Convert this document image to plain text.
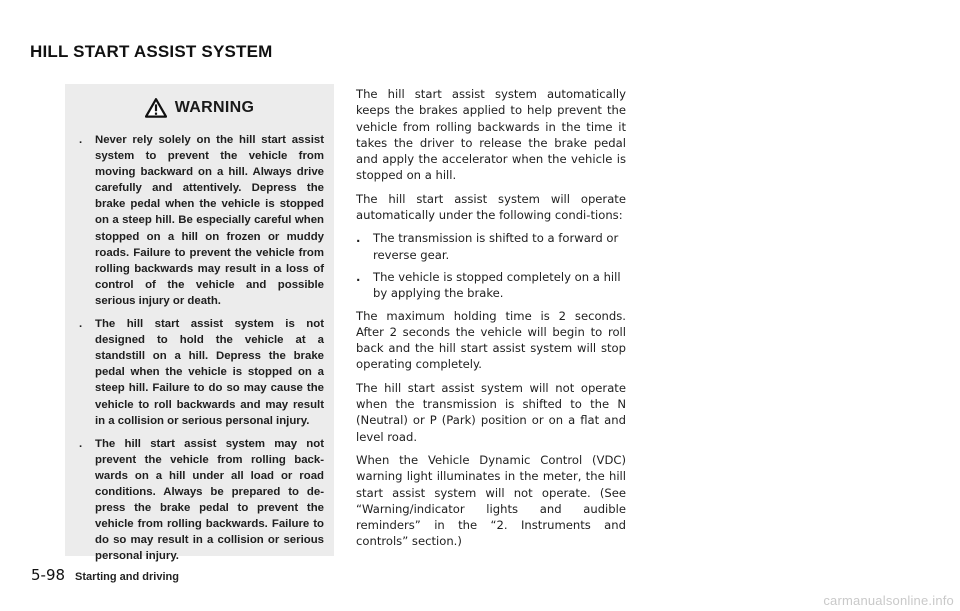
HILL START ASSIST SYSTEM
WARNING
. Never rely solely on the hill start assist system to prevent the vehicle from moving backward on a hill. Always drive carefully and attentively. Depress the brake pedal when the vehicle is stopped on a steep hill. Be especially careful when stopped on a hill on frozen or muddy roads. Failure to prevent the vehicle from rolling backwards may result in a loss of control of the vehicle and possible serious injury or death.
. The hill start assist system is not designed to hold the vehicle at a standstill on a hill. Depress the brake pedal when the vehicle is stopped on a steep hill. Failure to do so may cause the vehicle to roll backwards and may result in a collision or serious personal injury.
. The hill start assist system may not prevent the vehicle from rolling back-wards on a hill under all load or road conditions. Always be prepared to de-press the brake pedal to prevent the vehicle from rolling backwards. Failure to do so may result in a collision or serious personal injury.

The hill start assist system automatically keeps the brakes applied to help prevent the vehicle from rolling backwards in the time it takes the driver to release the brake pedal and apply the accelerator when the vehicle is stopped on a hill.

The hill start assist system will operate automatically under the following condi-tions:

. The transmission is shifted to a forward or reverse gear.
. The vehicle is stopped completely on a hill by applying the brake.

The maximum holding time is 2 seconds. After 2 seconds the vehicle will begin to roll back and the hill start assist system will stop operating completely.

The hill start assist system will not operate when the transmission is shifted to the N (Neutral) or P (Park) position or on a flat and level road.

When the Vehicle Dynamic Control (VDC) warning light illuminates in the meter, the hill start assist system will not operate. (See “Warning/indicator lights and audible reminders” in the “2. Instruments and controls” section.)

5-98 Starting and driving
carmanualsonline.info
